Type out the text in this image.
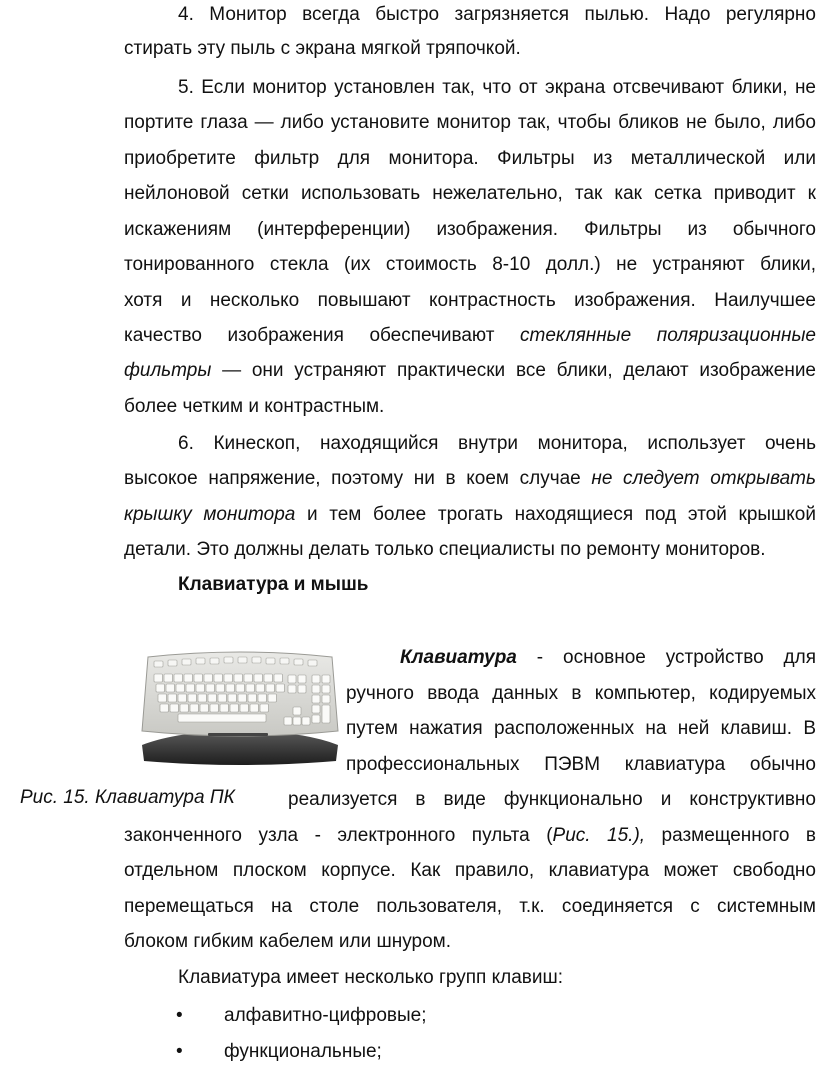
4. Монитор всегда быстро загрязняется пылью. Надо регулярно
стирать эту пыль с экрана мягкой тряпочкой.
5. Если монитор установлен так, что от экрана отсвечивают блики, не
портите глаза — либо установите монитор так, чтобы бликов не было, либо
приобретите фильтр для монитора. Фильтры из металлической или
нейлоновой сетки использовать нежелательно, так как сетка приводит к
искажениям (интерференции) изображения. Фильтры из обычного
тонированного стекла (их стоимость 8-10 долл.) не устраняют блики,
хотя и несколько повышают контрастность изображения. Наилучшее
качество изображения обеспечивают стеклянные поляризационные
фильтры — они устраняют практически все блики, делают изображение
более четким и контрастным.
6. Кинескоп, находящийся внутри монитора, использует очень
высокое напряжение, поэтому ни в коем случае не следует открывать
крышку монитора и тем более трогать находящиеся под этой крышкой
детали. Это должны делать только специалисты по ремонту мониторов.
Клавиатура и мышь
Клавиатура - основное устройство для
ручного ввода данных в компьютер, кодируемых
путем нажатия расположенных на ней клавиш. В
профессиональных ПЭВМ клавиатура обычно
Рис. 15. Клавиатура ПК	реализуется в виде функционально и конструктивно
законченного узла - электронного пульта (Рис. 15.), размещенного в
отдельном плоском корпусе. Как правило, клавиатура может свободно
перемещаться на столе пользователя, т.к. соединяется с системным
блоком гибким кабелем или шнуром.
Клавиатура имеет несколько групп клавиш:
• алфавитно-цифровые;
• функциональные;
